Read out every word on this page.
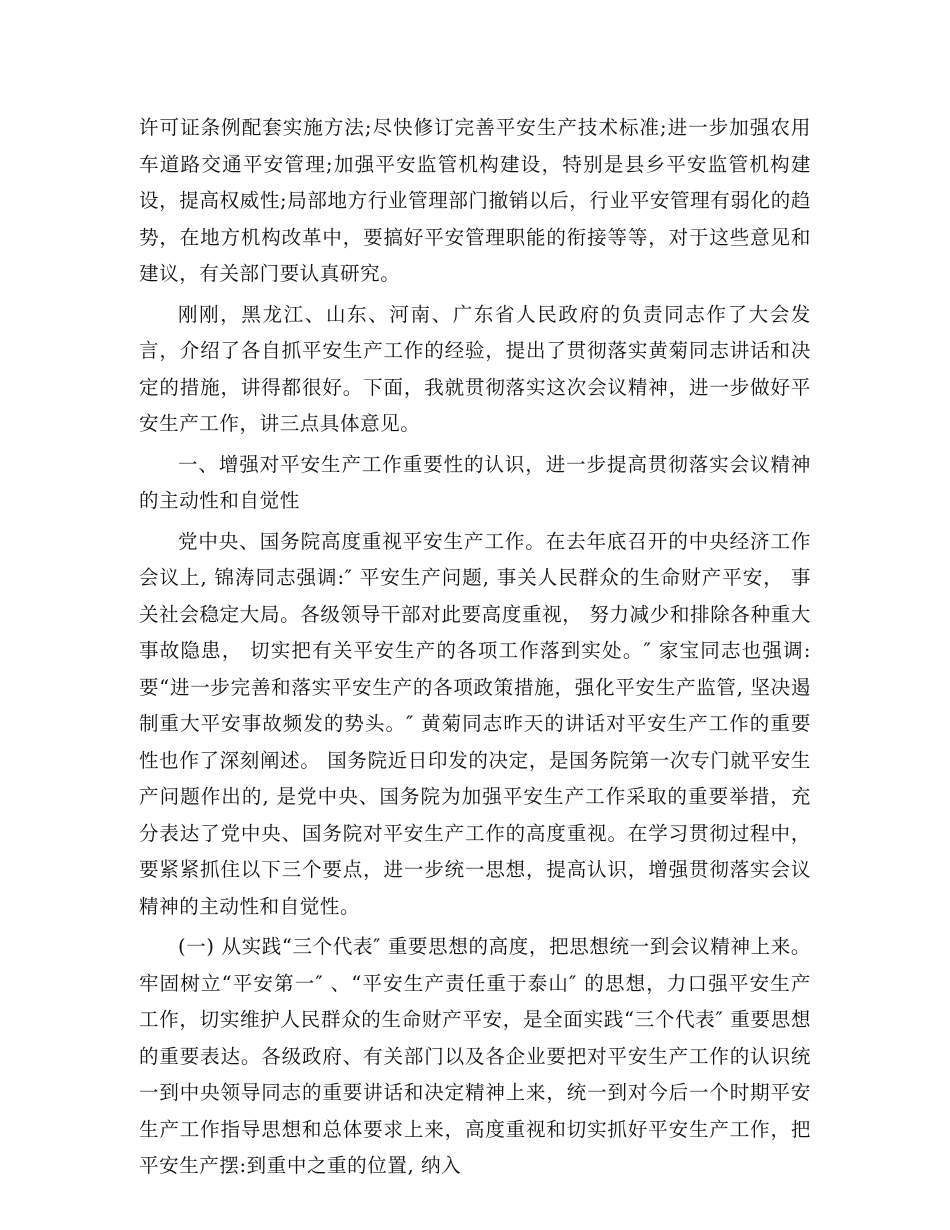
许可证条例配套实施方法;尽快修订完善平安生产技术标准;进一步加强农用车道路交通平安管理;加强平安监管机构建设，特别是县乡平安监管机构建设，提高权威性;局部地方行业管理部门撤销以后，行业平安管理有弱化的趋势，在地方机构改革中，要搞好平安管理职能的衔接等等，对于这些意见和建议，有关部门要认真研究。

刚刚，黑龙江、山东、河南、广东省人民政府的负责同志作了大会发言，介绍了各自抓平安生产工作的经验，提出了贯彻落实黄菊同志讲话和决定的措施，讲得都很好。下面，我就贯彻落实这次会议精神，进一步做好平安生产工作，讲三点具体意见。

一、增强对平安生产工作重要性的认识，进一步提高贯彻落实会议精神的主动性和自觉性

党中央、国务院高度重视平安生产工作。在去年底召开的中央经济工作会议上, 锦涛同志强调:″ 平安生产问题, 事关人民群众的生命财产平安， 事关社会稳定大局。各级领导干部对此要高度重视， 努力减少和排除各种重大事故隐患， 切实把有关平安生产的各项工作落到实处。″ 家宝同志也强调:要“进一步完善和落实平安生产的各项政策措施，强化平安生产监管, 坚决遏制重大平安事故频发的势头。″ 黄菊同志昨天的讲话对平安生产工作的重要性也作了深刻阐述。 国务院近日印发的决定，是国务院第一次专门就平安生产问题作出的, 是党中央、国务院为加强平安生产工作采取的重要举措，充分表达了党中央、国务院对平安生产工作的高度重视。在学习贯彻过程中，要紧紧抓住以下三个要点，进一步统一思想，提高认识，增强贯彻落实会议精神的主动性和自觉性。

(一) 从实践“三个代表″ 重要思想的高度，把思想统一到会议精神上来。牢固树立“平安第一″ 、“平安生产责任重于泰山″ 的思想，力口强平安生产工作，切实维护人民群众的生命财产平安，是全面实践“三个代表″ 重要思想的重要表达。各级政府、有关部门以及各企业要把对平安生产工作的认识统一到中央领导同志的重要讲话和决定精神上来，统一到对今后一个时期平安生产工作指导思想和总体要求上来，高度重视和切实抓好平安生产工作，把平安生产摆:到重中之重的位置, 纳入
